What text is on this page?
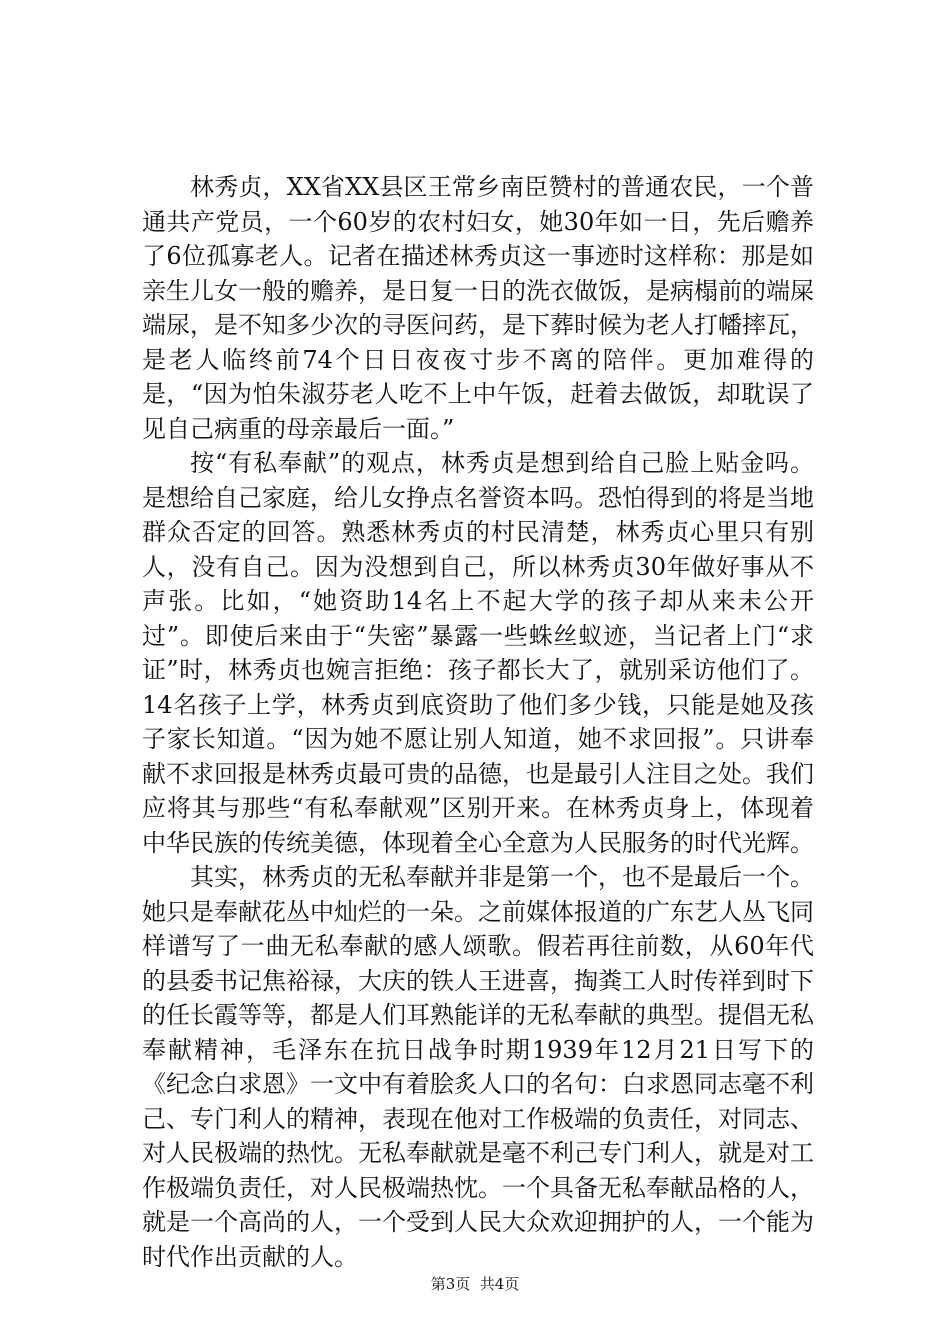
林秀贞，XX省XX县区王常乡南臣赞村的普通农民，一个普通共产党员，一个60岁的农村妇女，她30年如一日，先后赡养了6位孤寡老人。记者在描述林秀贞这一事迹时这样称：那是如亲生儿女一般的赡养，是日复一日的洗衣做饭，是病榻前的端屎端尿，是不知多少次的寻医问药，是下葬时候为老人打幡摔瓦，是老人临终前74个日日夜夜寸步不离的陪伴。更加难得的是，“因为怕朱淑芬老人吃不上中午饭，赶着去做饭，却耽误了见自己病重的母亲最后一面。”

按“有私奉献”的观点，林秀贞是想到给自己脸上贴金吗。是想给自己家庭，给儿女挣点名誉资本吗。恐怕得到的将是当地群众否定的回答。熟悉林秀贞的村民清楚，林秀贞心里只有别人，没有自己。因为没想到自己，所以林秀贞30年做好事从不声张。比如，“她资助14名上不起大学的孩子却从来未公开过”。即使后来由于“失密”暴露一些蛛丝蚁迹，当记者上门“求证”时，林秀贞也婉言拒绝：孩子都长大了，就别采访他们了。14名孩子上学，林秀贞到底资助了他们多少钱，只能是她及孩子家长知道。“因为她不愿让别人知道，她不求回报”。只讲奉献不求回报是林秀贞最可贵的品德，也是最引人注目之处。我们应将其与那些“有私奉献观”区别开来。在林秀贞身上，体现着中华民族的传统美德，体现着全心全意为人民服务的时代光辉。

其实，林秀贞的无私奉献并非是第一个，也不是最后一个。她只是奉献花丛中灿烂的一朵。之前媒体报道的广东艺人丛飞同样谱写了一曲无私奉献的感人颂歌。假若再往前数，从60年代的县委书记焦裕禄，大庆的铁人王进喜，掏粪工人时传祥到时下的任长霞等等，都是人们耳熟能详的无私奉献的典型。提倡无私奉献精神，毛泽东在抗日战争时期1939年12月21日写下的《纪念白求恩》一文中有着脍炙人口的名句：白求恩同志毫不利己、专门利人的精神，表现在他对工作极端的负责任，对同志、对人民极端的热忱。无私奉献就是毫不利己专门利人，就是对工作极端负责任，对人民极端热忱。一个具备无私奉献品格的人，就是一个高尚的人，一个受到人民大众欢迎拥护的人，一个能为时代作出贡献的人。

第3页  共4页
